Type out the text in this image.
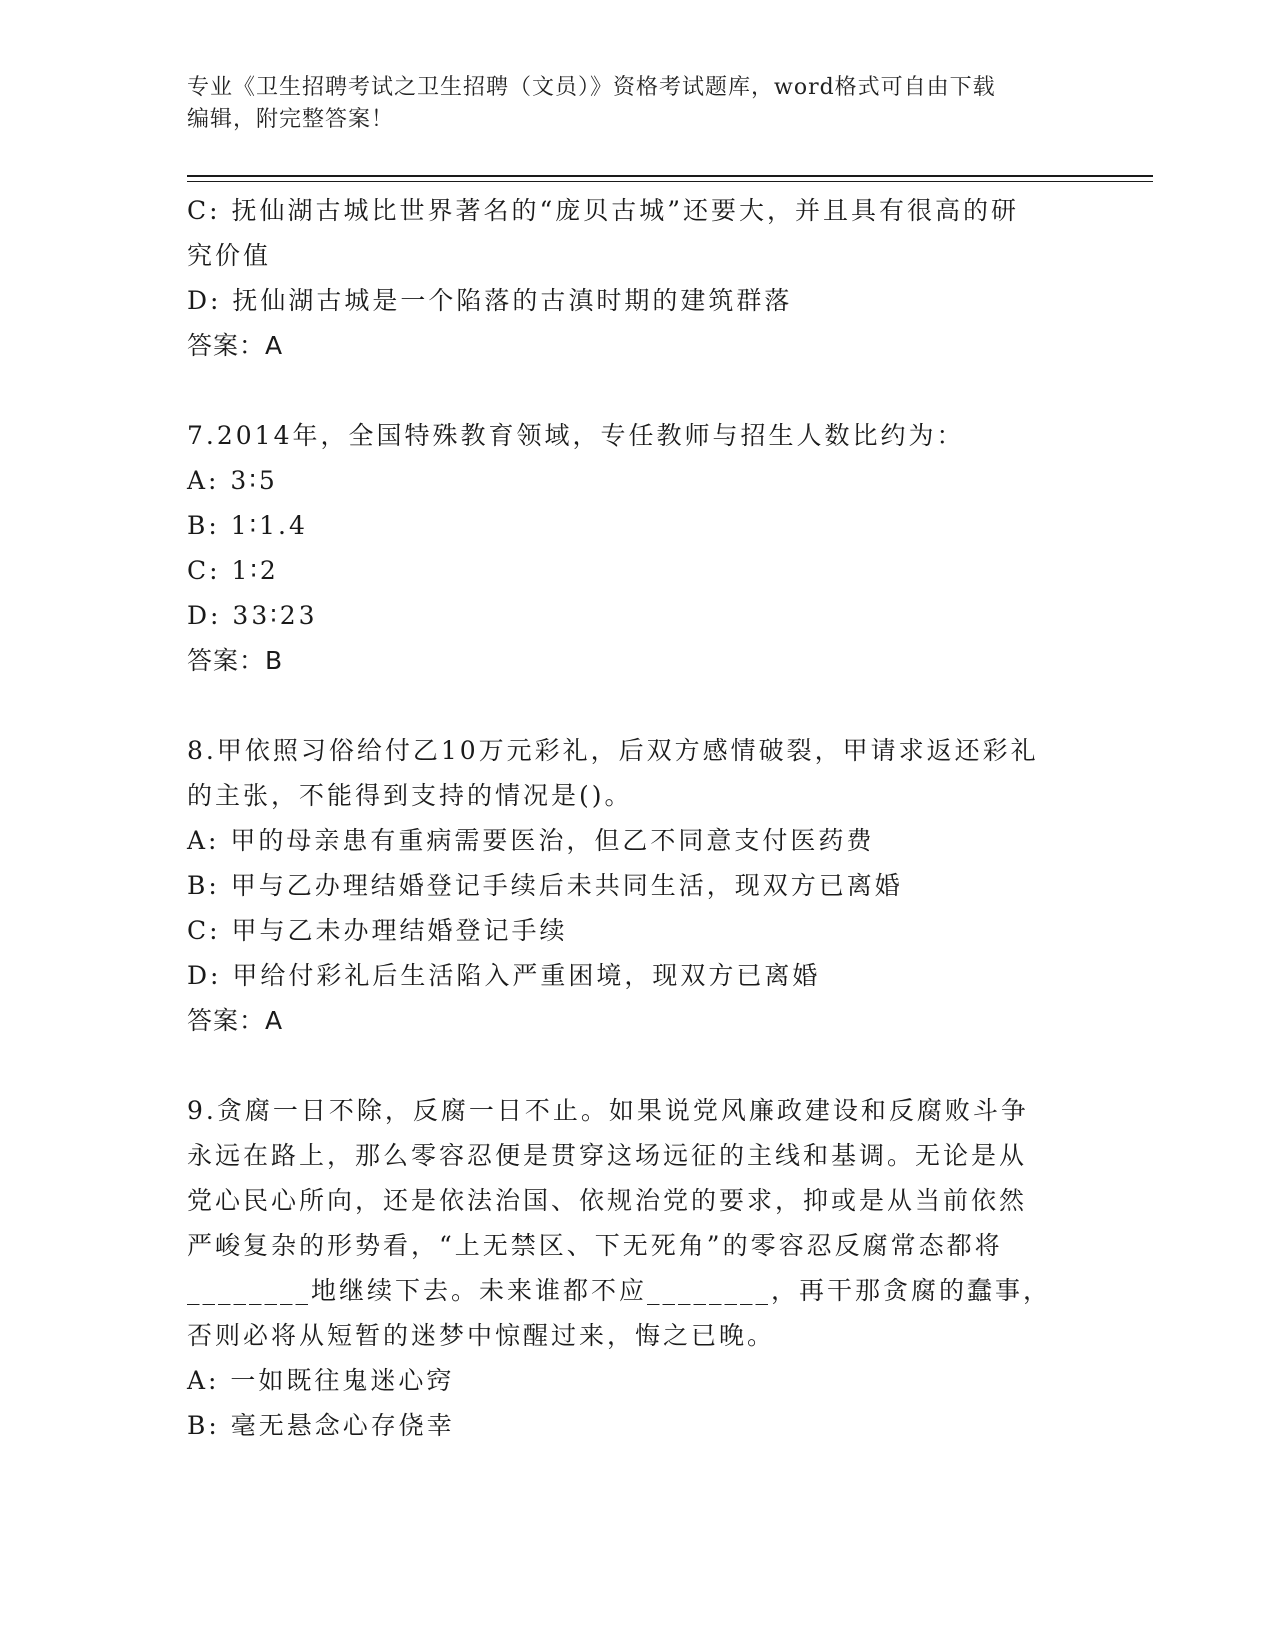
专业《卫生招聘考试之卫生招聘（文员）》资格考试题库，word格式可自由下载
编辑，附完整答案！
C: 抚仙湖古城比世界著名的“庞贝古城”还要大，并且具有很高的研
究价值
D: 抚仙湖古城是一个陷落的古滇时期的建筑群落
答案：A
7.2014年，全国特殊教育领域，专任教师与招生人数比约为：
A: 3∶5
B: 1∶1.4
C: 1∶2
D: 33∶23
答案：B
8.甲依照习俗给付乙10万元彩礼，后双方感情破裂，甲请求返还彩礼
的主张，不能得到支持的情况是()。
A: 甲的母亲患有重病需要医治，但乙不同意支付医药费
B: 甲与乙办理结婚登记手续后未共同生活，现双方已离婚
C: 甲与乙未办理结婚登记手续
D: 甲给付彩礼后生活陷入严重困境，现双方已离婚
答案：A
9.贪腐一日不除，反腐一日不止。如果说党风廉政建设和反腐败斗争
永远在路上，那么零容忍便是贯穿这场远征的主线和基调。无论是从
党心民心所向，还是依法治国、依规治党的要求，抑或是从当前依然
严峻复杂的形势看，“上无禁区、下无死角”的零容忍反腐常态都将
________地继续下去。未来谁都不应________，再干那贪腐的蠢事，
否则必将从短暂的迷梦中惊醒过来，悔之已晚。
A: 一如既往鬼迷心窍
B: 毫无悬念心存侥幸
